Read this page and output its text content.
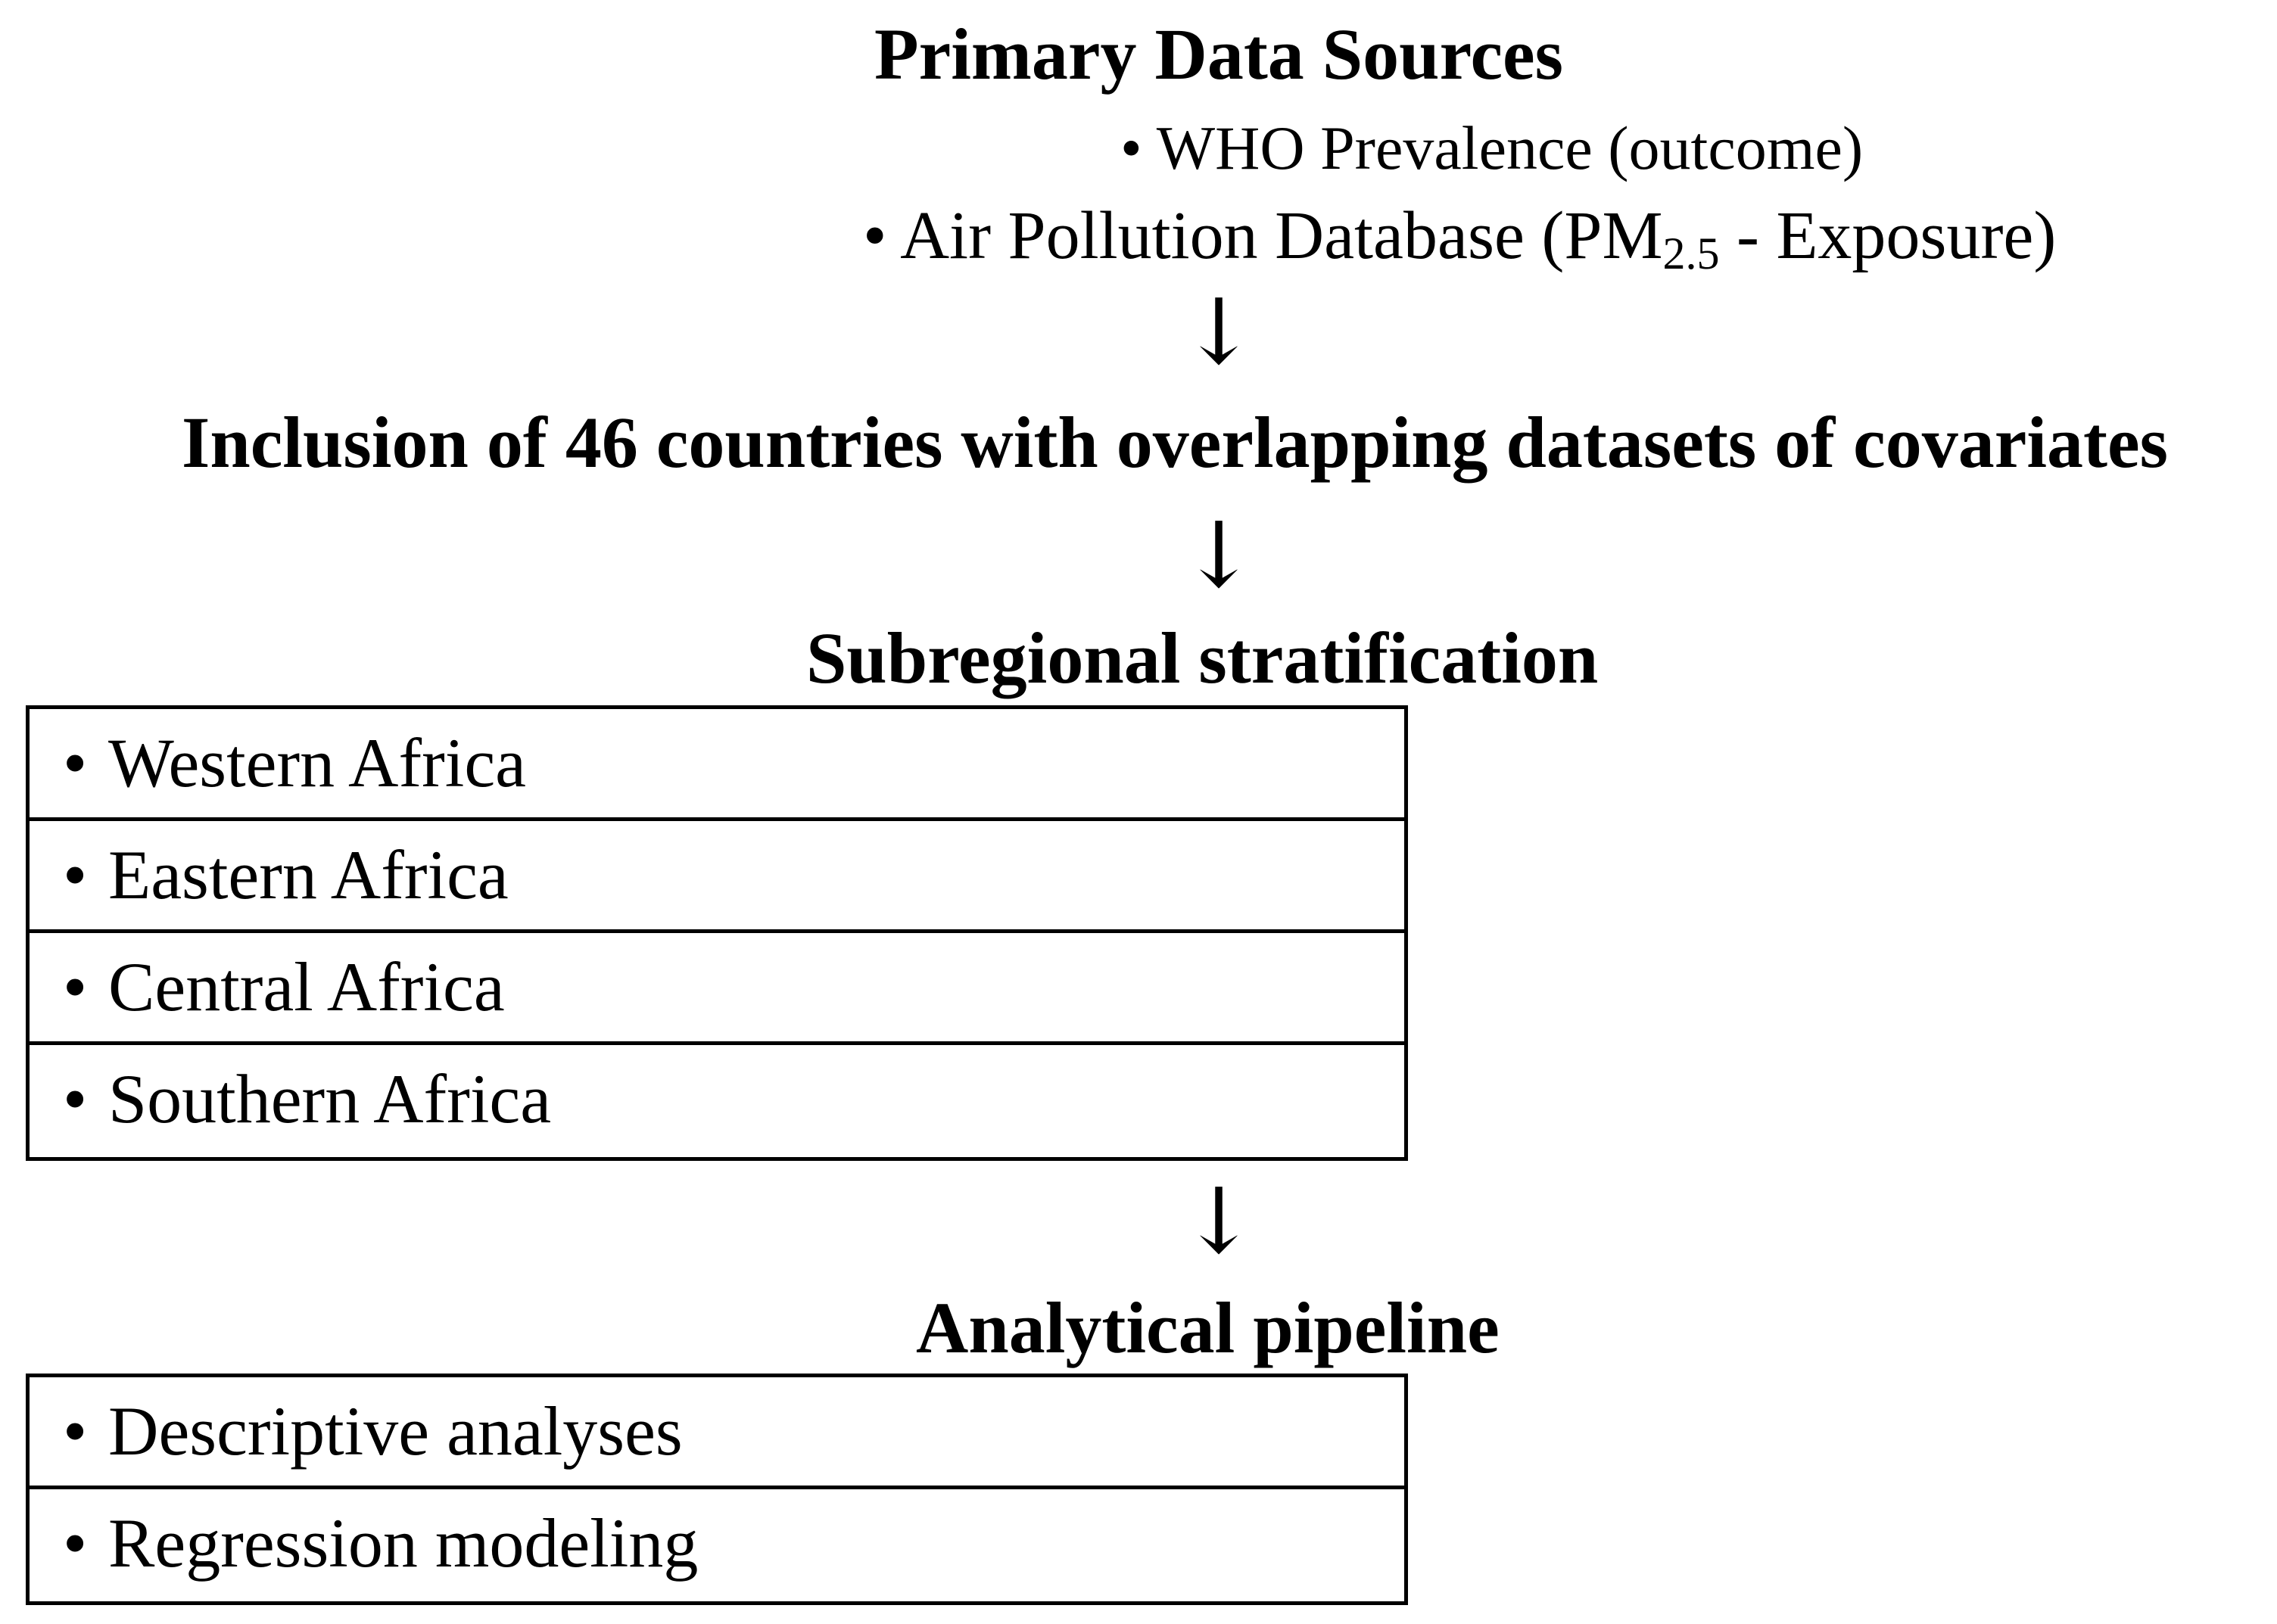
Primary Data Sources
• WHO Prevalence (outcome)
• Air Pollution Database (PM2.5 - Exposure)
↓
Inclusion of 46 countries with overlapping datasets of covariates
↓
Subregional stratification
• Western Africa
• Eastern Africa
• Central Africa
• Southern Africa
↓
Analytical pipeline
• Descriptive analyses
• Regression modeling
